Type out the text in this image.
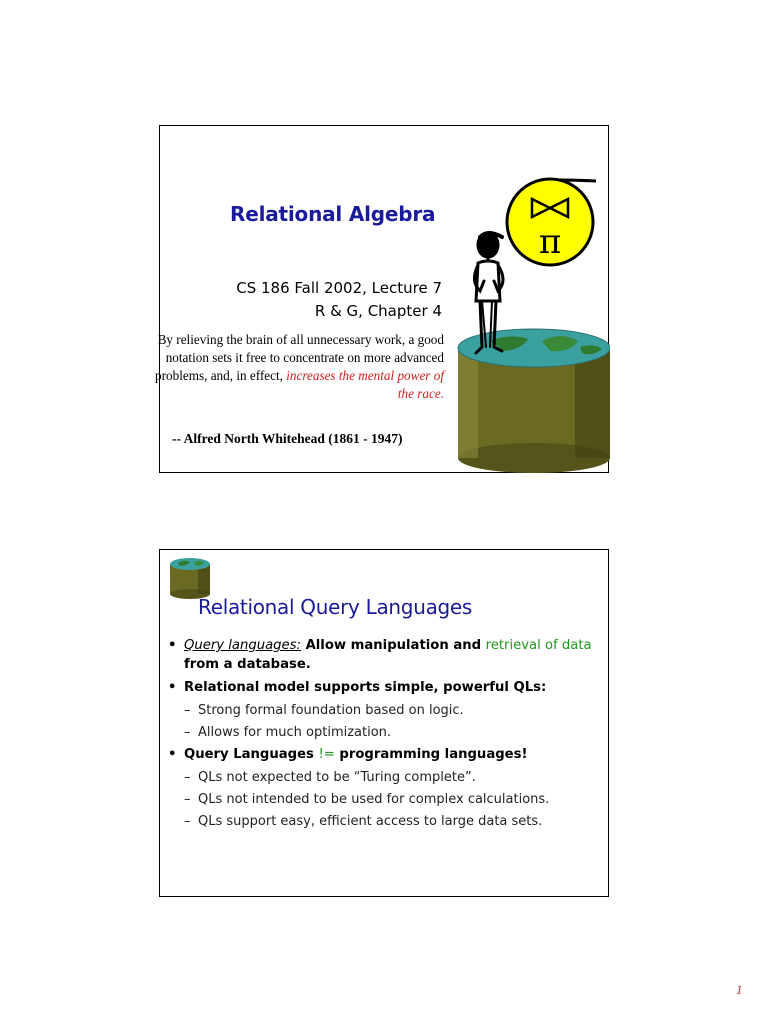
Relational Algebra
CS 186 Fall 2002, Lecture 7
R & G, Chapter 4
By relieving the brain of all unnecessary work, a good notation sets it free to concentrate on more advanced problems, and, in effect, increases the mental power of the race.
-- Alfred North Whitehead (1861 - 1947)
π
Relational Query Languages
• Query languages: Allow manipulation and retrieval of data from a database.
• Relational model supports simple, powerful QLs:
– Strong formal foundation based on logic.
– Allows for much optimization.
• Query Languages != programming languages!
– QLs not expected to be “Turing complete”.
– QLs not intended to be used for complex calculations.
– QLs support easy, efficient access to large data sets.
1
